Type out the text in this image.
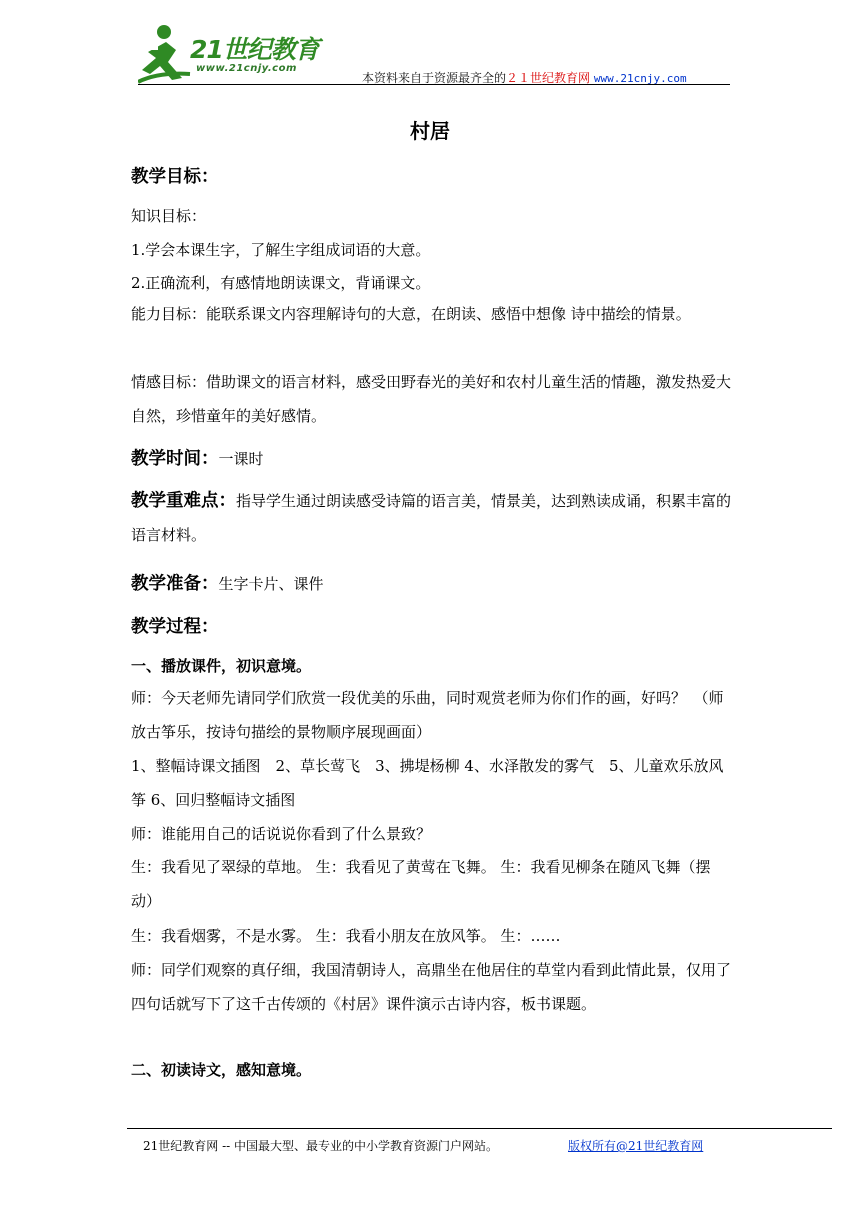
21世纪教育
www.21cnjy.com
本资料来自于资源最齐全的２１世纪教育网 www.21cnjy.com
村居
教学目标：
知识目标：
1.学会本课生字，了解生字组成词语的大意。
2.正确流利，有感情地朗读课文，背诵课文。
能力目标：能联系课文内容理解诗句的大意，在朗读、感悟中想像 诗中描绘的情景。
情感目标：借助课文的语言材料，感受田野春光的美好和农村儿童生活的情趣，激发热爱大自然，珍惜童年的美好感情。
教学时间：一课时
教学重难点：指导学生通过朗读感受诗篇的语言美，情景美，达到熟读成诵，积累丰富的语言材料。
教学准备：生字卡片、课件
教学过程：
一、播放课件，初识意境。
师：今天老师先请同学们欣赏一段优美的乐曲，同时观赏老师为你们作的画，好吗？　（师放古筝乐，按诗句描绘的景物顺序展现画面）
1、整幅诗课文插图　2、草长莺飞　3、拂堤杨柳 4、水泽散发的雾气　5、儿童欢乐放风筝 6、回归整幅诗文插图
师：谁能用自己的话说说你看到了什么景致？
生：我看见了翠绿的草地。 生：我看见了黄莺在飞舞。 生：我看见柳条在随风飞舞（摆动）
生：我看烟雾，不是水雾。 生：我看小朋友在放风筝。 生：……
师：同学们观察的真仔细，我国清朝诗人，高鼎坐在他居住的草堂内看到此情此景，仅用了四句话就写下了这千古传颂的《村居》课件演示古诗内容，板书课题。
二、初读诗文，感知意境。
21世纪教育网 -- 中国最大型、最专业的中小学教育资源门户网站。	版权所有@21世纪教育网
